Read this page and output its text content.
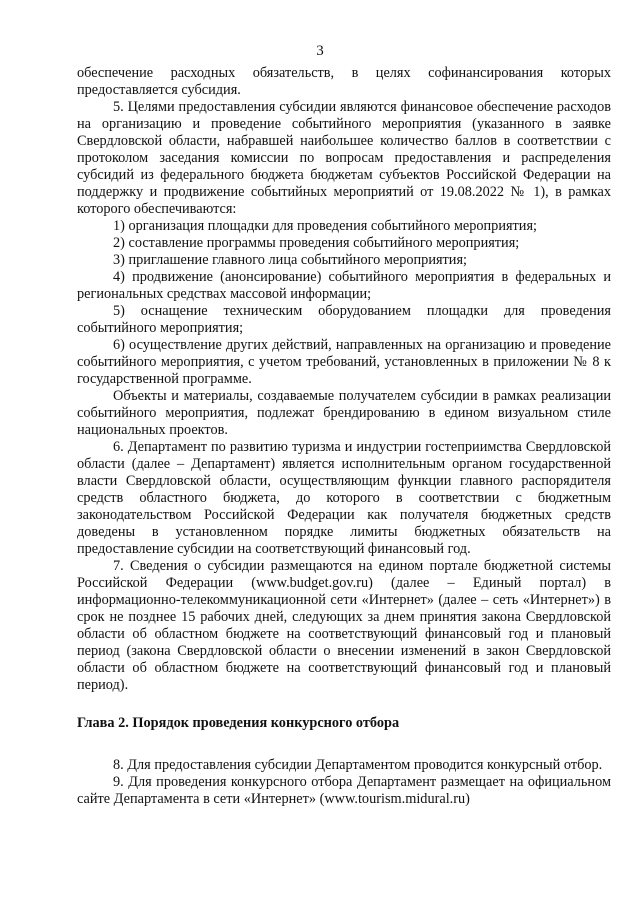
3

обеспечение расходных обязательств, в целях софинансирования которых предоставляется субсидия.

5. Целями предоставления субсидии являются финансовое обеспечение расходов на организацию и проведение событийного мероприятия (указанного в заявке Свердловской области, набравшей наибольшее количество баллов в соответствии с протоколом заседания комиссии по вопросам предоставления и распределения субсидий из федерального бюджета бюджетам субъектов Российской Федерации на поддержку и продвижение событийных мероприятий от 19.08.2022 № 1), в рамках которого обеспечиваются:

1) организация площадки для проведения событийного мероприятия;

2) составление программы проведения событийного мероприятия;

3) приглашение главного лица событийного мероприятия;

4) продвижение (анонсирование) событийного мероприятия в федеральных и региональных средствах массовой информации;

5) оснащение техническим оборудованием площадки для проведения событийного мероприятия;

6) осуществление других действий, направленных на организацию и проведение событийного мероприятия, с учетом требований, установленных в приложении № 8 к государственной программе.

Объекты и материалы, создаваемые получателем субсидии в рамках реализации событийного мероприятия, подлежат брендированию в едином визуальном стиле национальных проектов.

6. Департамент по развитию туризма и индустрии гостеприимства Свердловской области (далее – Департамент) является исполнительным органом государственной власти Свердловской области, осуществляющим функции главного распорядителя средств областного бюджета, до которого в соответствии с бюджетным законодательством Российской Федерации как получателя бюджетных средств доведены в установленном порядке лимиты бюджетных обязательств на предоставление субсидии на соответствующий финансовый год.

7. Сведения о субсидии размещаются на едином портале бюджетной системы Российской Федерации (www.budget.gov.ru) (далее – Единый портал) в информационно-телекоммуникационной сети «Интернет» (далее – сеть «Интернет») в срок не позднее 15 рабочих дней, следующих за днем принятия закона Свердловской области об областном бюджете на соответствующий финансовый год и плановый период (закона Свердловской области о внесении изменений в закон Свердловской области об областном бюджете на соответствующий финансовый год и плановый период).

Глава 2. Порядок проведения конкурсного отбора

8. Для предоставления субсидии Департаментом проводится конкурсный отбор.

9. Для проведения конкурсного отбора Департамент размещает на официальном сайте Департамента в сети «Интернет» (www.tourism.midural.ru)
